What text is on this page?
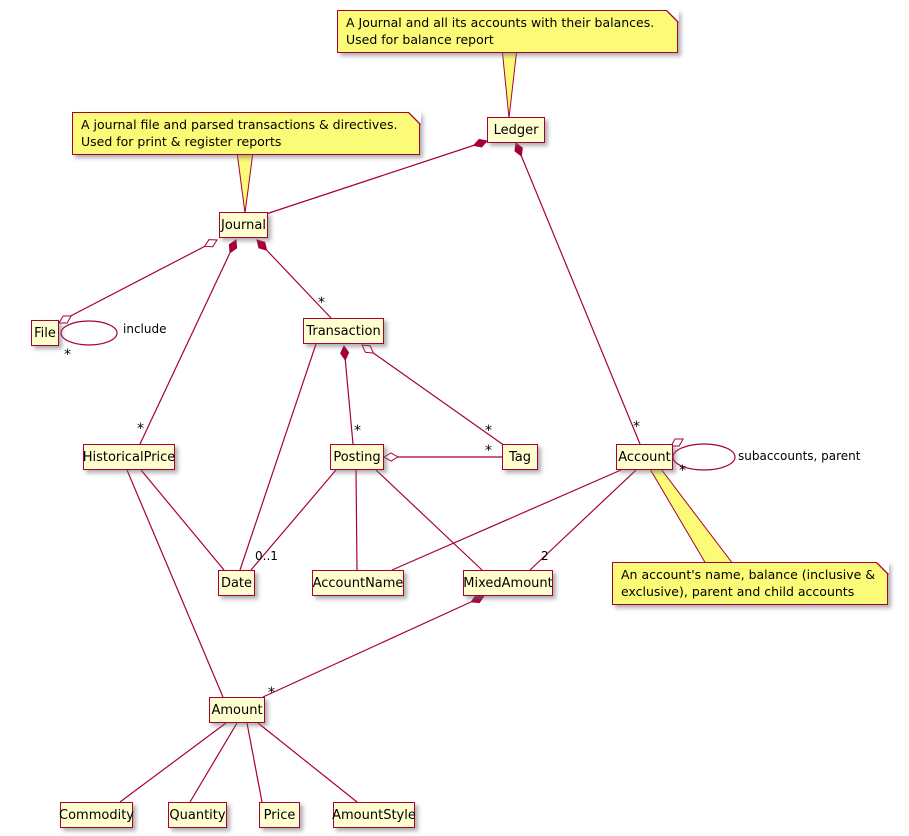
Ledger
Journal
File	Transaction
HistoricalPrice	Posting	Tag	Account
Date	AccountName	MixedAmount
Amount
Commodity	Quantity	Price	AmountStyle
A Journal and all its accounts with their balances.
Used for balance report
A journal file and parsed transactions & directives.
Used for print & register reports
An account's name, balance (inclusive &
exclusive), parent and child accounts
include
subaccounts, parent
0..1	2
*
*	*	*
*
*
*
*
*
